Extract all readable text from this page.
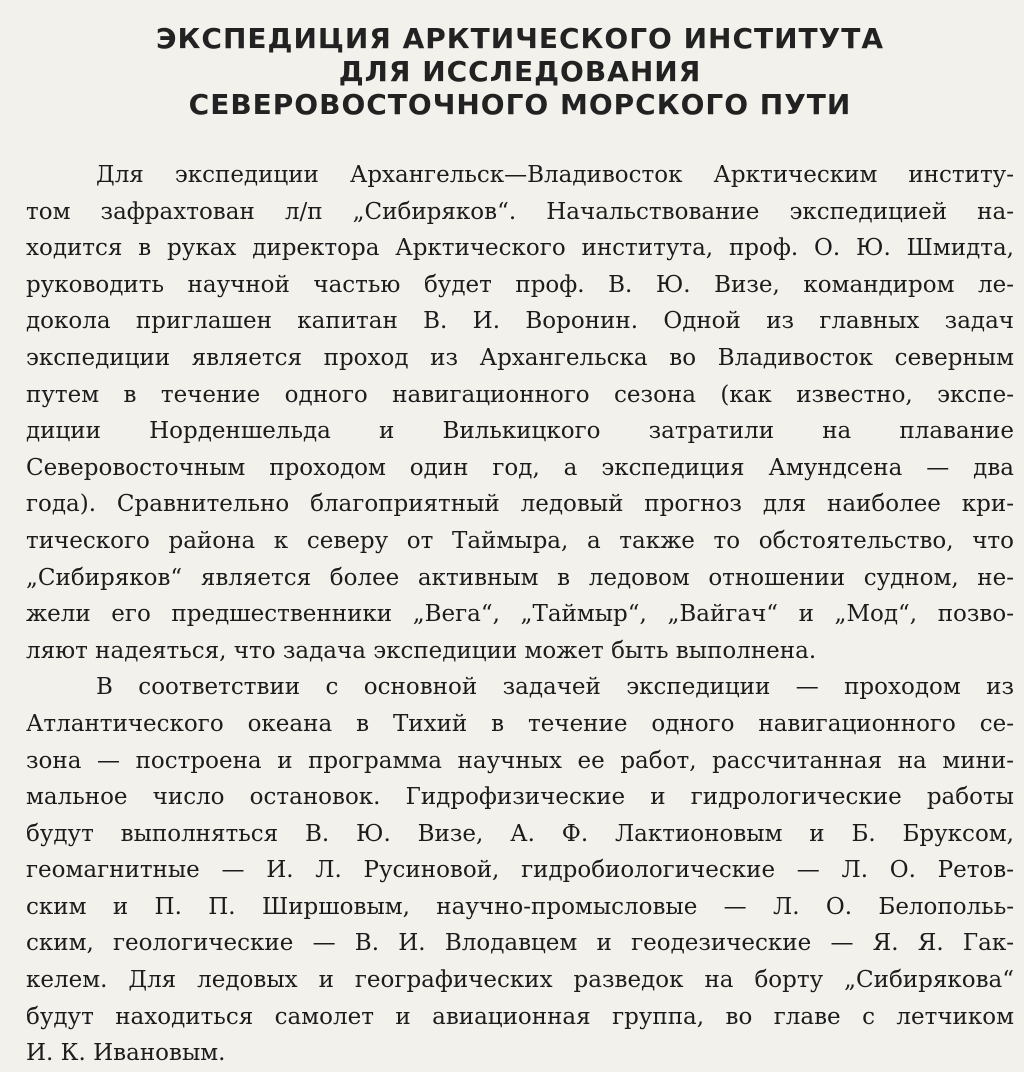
ЭКСПЕДИЦИЯ АРКТИЧЕСКОГО ИНСТИТУТА
ДЛЯ ИССЛЕДОВАНИЯ
СЕВЕРОВОСТОЧНОГО МОРСКОГО ПУТИ
Для экспедиции Архангельск—Владивосток Арктическим институ-
том зафрахтован л/п „Сибиряков“. Начальствование экспедицией на-
ходится в руках директора Арктического института, проф. О. Ю. Шмидта,
руководить научной частью будет проф. В. Ю. Визе, командиром ле-
докола приглашен капитан В. И. Воронин. Одной из главных задач
экспедиции является проход из Архангельска во Владивосток северным
путем в течение одного навигационного сезона (как известно, экспе-
диции Норденшельда и Вилькицкого затратили на плавание
Северовосточным проходом один год, а экспедиция Амундсена — два
года). Сравнительно благоприятный ледовый прогноз для наиболее кри-
тического района к северу от Таймыра, а также то обстоятельство, что
„Сибиряков“ является более активным в ледовом отношении судном, не-
жели его предшественники „Вега“, „Таймыр“, „Вайгач“ и „Мод“, позво-
ляют надеяться, что задача экспедиции может быть выполнена.
В соответствии с основной задачей экспедиции — проходом из
Атлантического океана в Тихий в течение одного навигационного се-
зона — построена и программа научных ее работ, рассчитанная на мини-
мальное число остановок. Гидрофизические и гидрологические работы
будут выполняться В. Ю. Визе, А. Ф. Лактионовым и Б. Бруксом,
геомагнитные — И. Л. Русиновой, гидробиологические — Л. О. Ретов-
ским и П. П. Ширшовым, научно-промысловые — Л. О. Белопольь-
ским, геологические — В. И. Влодавцем и геодезические — Я. Я. Гак-
келем. Для ледовых и географических разведок на борту „Сибирякова“
будут находиться самолет и авиационная группа, во главе с летчиком
И. К. Ивановым.
